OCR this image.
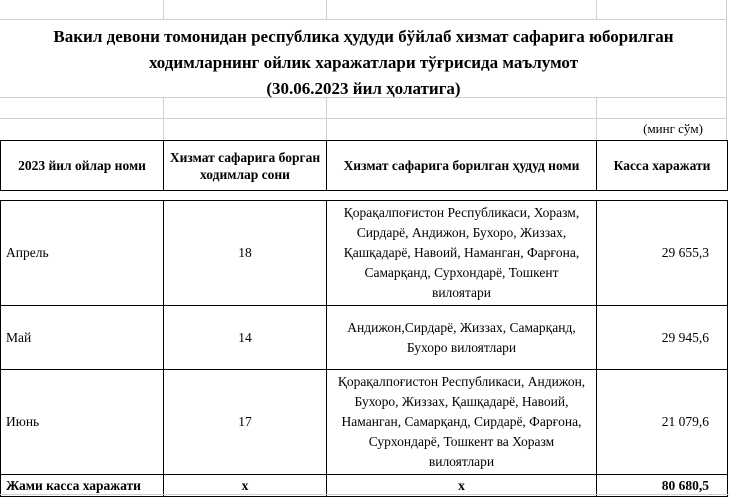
Вакил девони томонидан республика ҳудуди бўйлаб хизмат сафарига юборилган
ходимларнинг ойлик харажатлари тўғрисида маълумот
(30.06.2023 йил ҳолатига)
(минг сўм)
2023 йил ойлар номи	Хизмат сафарига борган ходимлар сони	Хизмат сафарига борилган ҳудуд номи	Касса харажати
Апрель	18	Қорақалпоғистон Республикаси, Хоразм, Сирдарё, Андижон, Бухоро, Жиззах, Қашқадарё, Навоий, Наманган, Фарғона, Самарқанд, Сурхондарё, Тошкент вилоятари	29 655,3
Май	14	Андижон,Сирдарё, Жиззах, Самарқанд, Бухоро вилоятлари	29 945,6
Июнь	17	Қорақалпоғистон Республикаси, Андижон, Бухоро, Жиззах, Қашқадарё, Навоий, Наманган, Самарқанд, Сирдарё, Фарғона, Сурхондарё, Тошкент ва Хоразм вилоятлари	21 079,6
Жами касса харажати	х	х	80 680,5
